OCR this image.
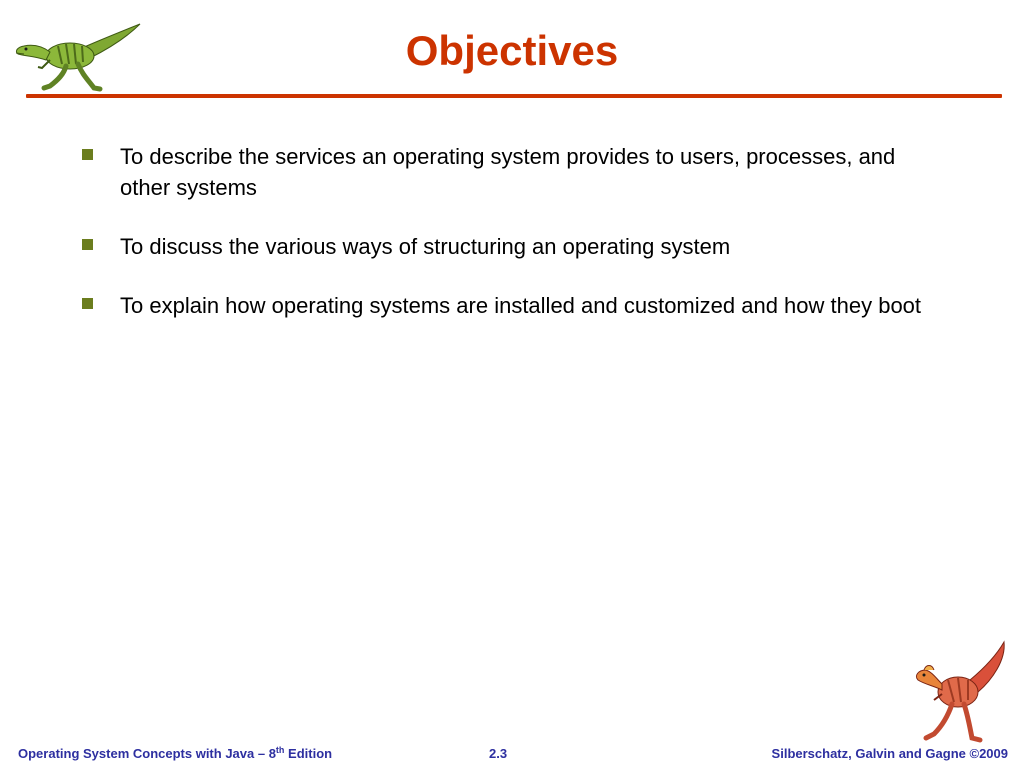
Objectives
To describe the services an operating system provides to users, processes, and other systems
To discuss the various ways of structuring an operating system
To explain how operating systems are installed and customized and how they boot
Operating System Concepts with Java – 8th Edition	2.3	Silberschatz, Galvin and Gagne ©2009
